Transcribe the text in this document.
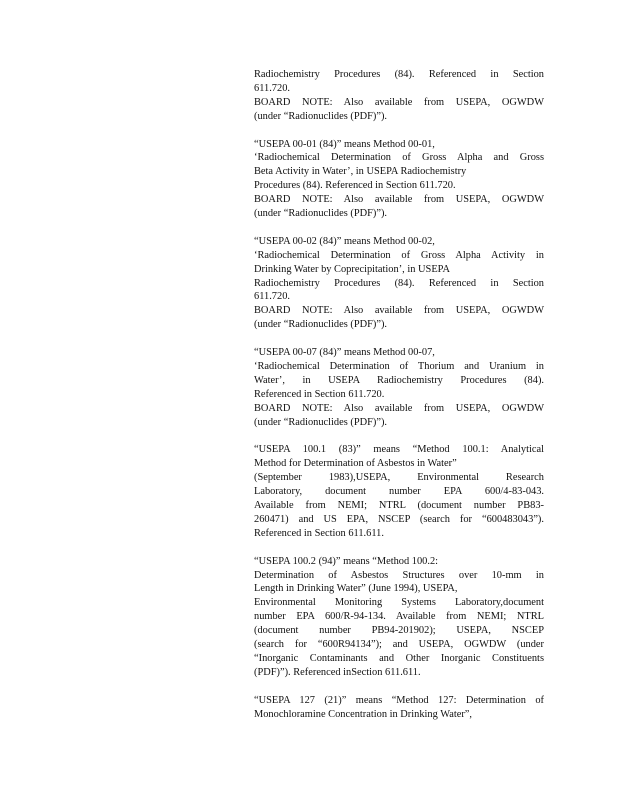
Radiochemistry Procedures (84). Referenced in Section
611.720.
BOARD NOTE: Also available from USEPA, OGWDW
(under “Radionuclides (PDF)”).
“USEPA 00-01 (84)” means Method 00-01,
‘Radiochemical Determination of Gross Alpha and Gross
Beta Activity in Water’, in USEPA Radiochemistry
Procedures (84). Referenced in Section 611.720.
BOARD NOTE: Also available from USEPA, OGWDW
(under “Radionuclides (PDF)”).
“USEPA 00-02 (84)” means Method 00-02,
‘Radiochemical Determination of Gross Alpha Activity in
Drinking Water by Coprecipitation’, in USEPA
Radiochemistry Procedures (84). Referenced in Section
611.720.
BOARD NOTE: Also available from USEPA, OGWDW
(under “Radionuclides (PDF)”).
“USEPA 00-07 (84)” means Method 00-07,
‘Radiochemical Determination of Thorium and Uranium in
Water’, in USEPA Radiochemistry Procedures (84).
Referenced in Section 611.720.
BOARD NOTE: Also available from USEPA, OGWDW
(under “Radionuclides (PDF)”).
“USEPA 100.1 (83)” means “Method 100.1: Analytical
Method for Determination of Asbestos in Water”
(September 1983),USEPA, Environmental Research
Laboratory, document number EPA 600/4-83-043.
Available from NEMI; NTRL (document number PB83-
260471) and US EPA, NSCEP (search for “600483043”).
Referenced in Section 611.611.
“USEPA 100.2 (94)” means “Method 100.2:
Determination of Asbestos Structures over 10-mm in
Length in Drinking Water” (June 1994), USEPA,
Environmental Monitoring Systems Laboratory,document
number EPA 600/R-94-134. Available from NEMI; NTRL
(document number PB94-201902); USEPA, NSCEP
(search for “600R94134”); and USEPA, OGWDW (under
“Inorganic Contaminants and Other Inorganic Constituents
(PDF)”). Referenced inSection 611.611.
“USEPA 127 (21)” means “Method 127: Determination of
Monochloramine Concentration in Drinking Water”,
